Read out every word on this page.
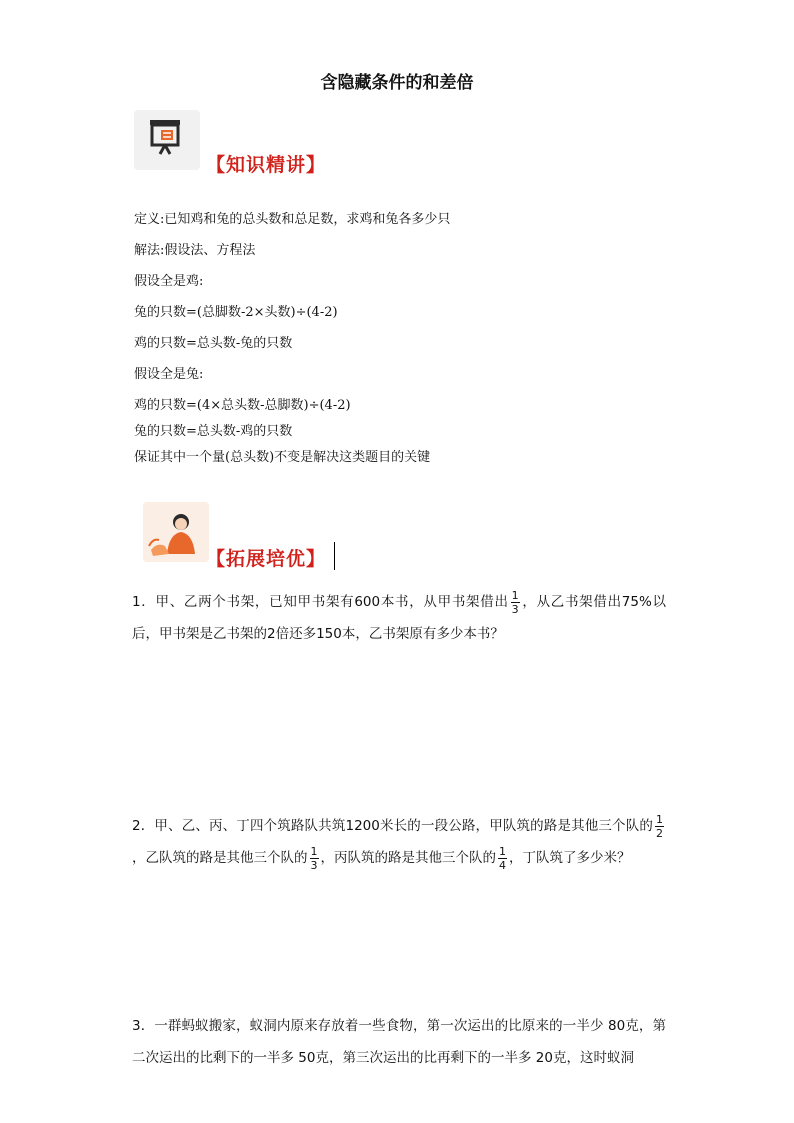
含隐藏条件的和差倍
【知识精讲】

定义:已知鸡和兔的总头数和总足数，求鸡和兔各多少只

解法:假设法、方程法

假设全是鸡:

兔的只数=(总脚数-2×头数)÷(4-2)

鸡的只数=总头数-兔的只数

假设全是兔:

鸡的只数=(4×总头数-总脚数)÷(4-2)

兔的只数=总头数-鸡的只数

保证其中一个量(总头数)不变是解决这类题目的关键

【拓展培优】
1．甲、乙两个书架，已知甲书架有600本书，从甲书架借出 $\frac{1}{3}$ ，从乙书架借出75%以后，甲书架是乙书架的2倍还多150本，乙书架原有多少本书？
2．甲、乙、丙、丁四个筑路队共筑1200米长的一段公路，甲队筑的路是其他三个队的 $\frac{1}{2}$
，乙队筑的路是其他三个队的 $\frac{1}{3}$ ，丙队筑的路是其他三个队的 $\frac{1}{4}$ ，丁队筑了多少米？
3．一群蚂蚁搬家，蚁洞内原来存放着一些食物，第一次运出的比原来的一半少 80克，第二次运出的比剩下的一半多 50克，第三次运出的比再剩下的一半多 20克，这时蚁洞
